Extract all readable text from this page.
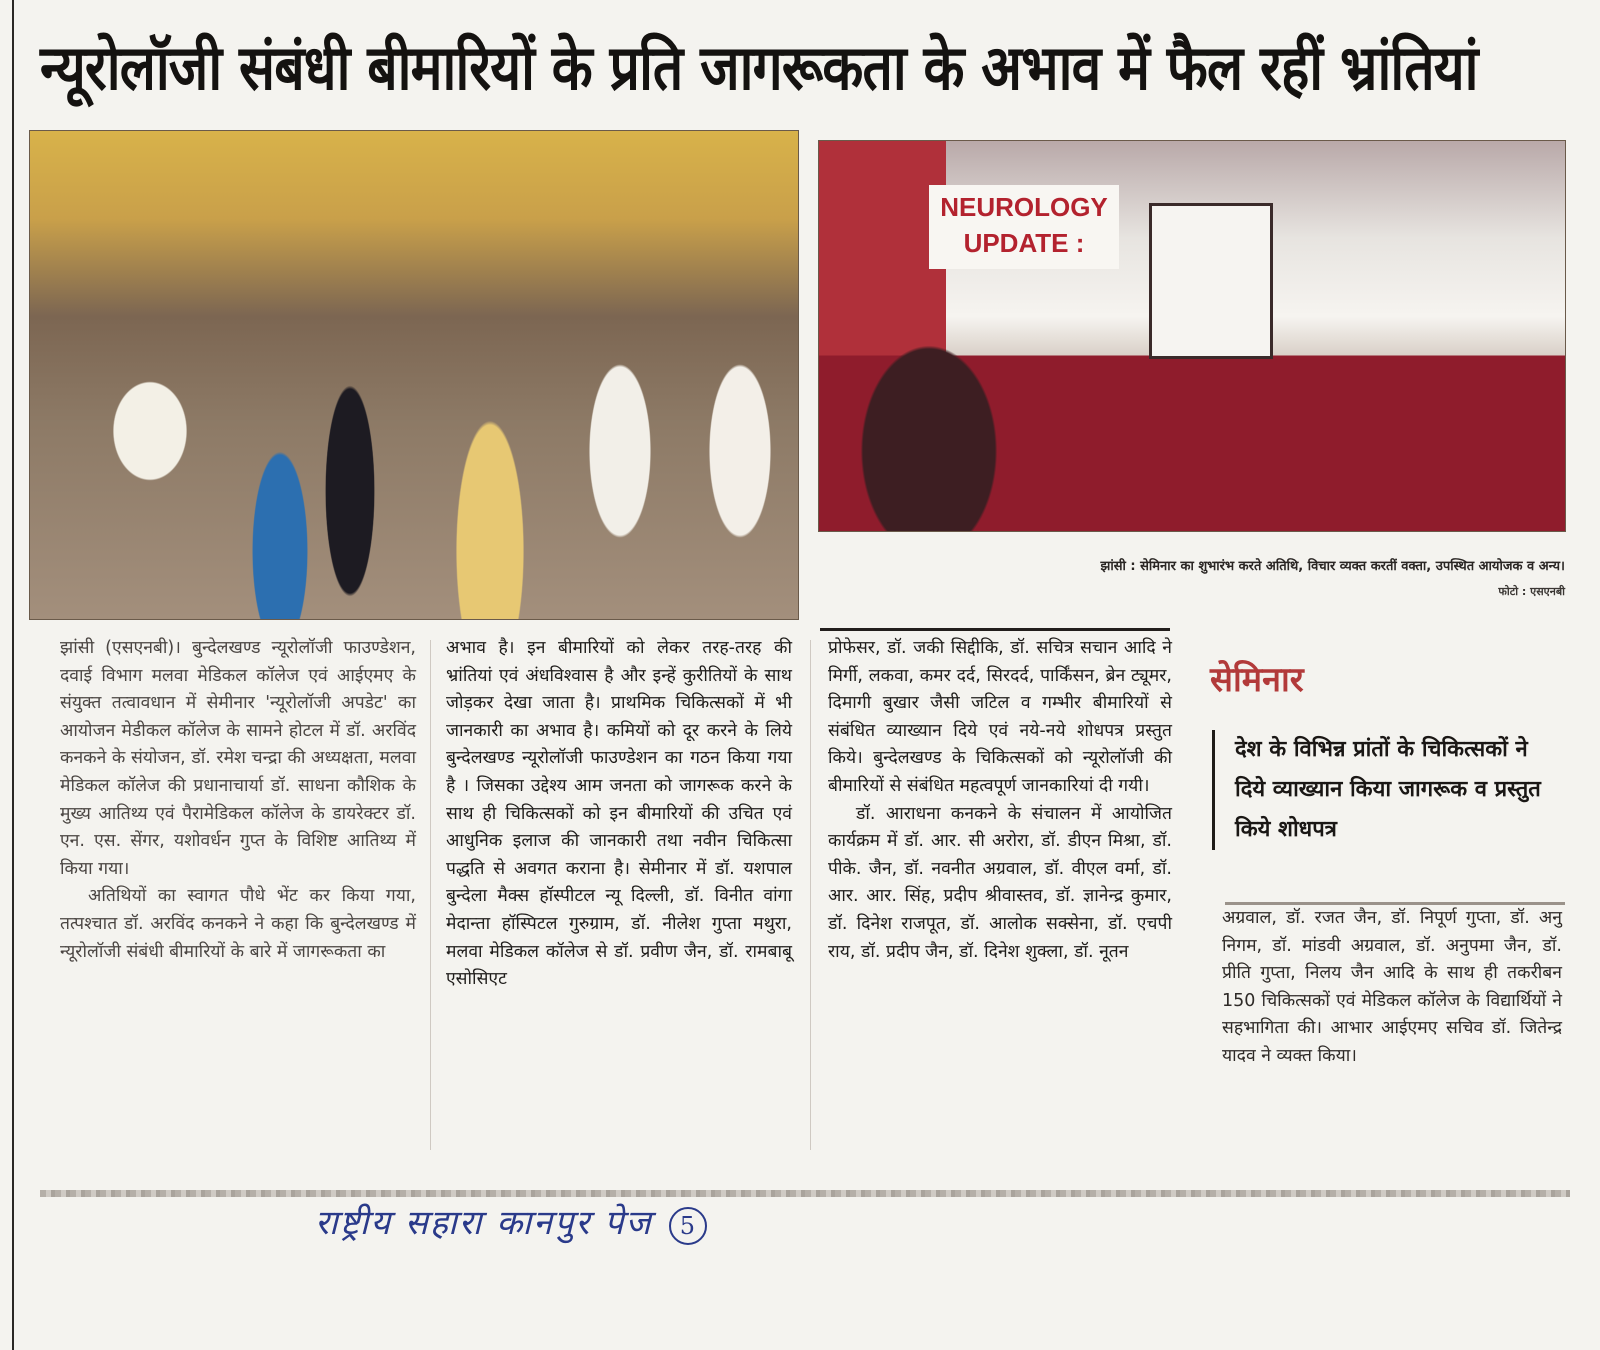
न्यूरोलॉजी संबंधी बीमारियों के प्रति जागरूकता के अभाव में फैल रहीं भ्रांतियां
NEUROLOGY
UPDATE :
झांसी : सेमिनार का शुभारंभ करते अतिथि, विचार व्यक्त करतीं वक्ता, उपस्थित आयोजक व अन्य।
फोटो : एसएनबी

झांसी (एसएनबी)। बुन्देलखण्ड न्यूरोलॉजी फाउण्डेशन, दवाई विभाग मलवा मेडिकल कॉलेज एवं आईएमए के संयुक्त तत्वावधान में सेमीनार 'न्यूरोलॉजी अपडेट' का आयोजन मेडीकल कॉलेज के सामने होटल में डॉ. अरविंद कनकने के संयोजन, डॉ. रमेश चन्द्रा की अध्यक्षता, मलवा मेडिकल कॉलेज की प्रधानाचार्या डॉ. साधना कौशिक के मुख्य आतिथ्य एवं पैरामेडिकल कॉलेज के डायरेक्टर डॉ. एन. एस. सेंगर, यशोवर्धन गुप्त के विशिष्ट आतिथ्य में किया गया।

अतिथियों का स्वागत पौधे भेंट कर किया गया, तत्पश्चात डॉ. अरविंद कनकने ने कहा कि बुन्देलखण्ड में न्यूरोलॉजी संबंधी बीमारियों के बारे में जागरूकता का

अभाव है। इन बीमारियों को लेकर तरह-तरह की भ्रांतियां एवं अंधविश्वास है और इन्हें कुरीतियों के साथ जोड़कर देखा जाता है। प्राथमिक चिकित्सकों में भी जानकारी का अभाव है। कमियों को दूर करने के लिये बुन्देलखण्ड न्यूरोलॉजी फाउण्डेशन का गठन किया गया है । जिसका उद्देश्य आम जनता को जागरूक करने के साथ ही चिकित्सकों को इन बीमारियों की उचित एवं आधुनिक इलाज की जानकारी तथा नवीन चिकित्सा पद्धति से अवगत कराना है। सेमीनार में डॉ. यशपाल बुन्देला मैक्स हॉस्पीटल न्यू दिल्ली, डॉ. विनीत वांगा मेदान्ता हॉस्पिटल गुरुग्राम, डॉ. नीलेश गुप्ता मथुरा, मलवा मेडिकल कॉलेज से डॉ. प्रवीण जैन, डॉ. रामबाबू एसोसिएट

प्रोफेसर, डॉ. जकी सिद्दीकि, डॉ. सचित्र सचान आदि ने मिर्गी, लकवा, कमर दर्द, सिरदर्द, पार्किंसन, ब्रेन ट्यूमर, दिमागी बुखार जैसी जटिल व गम्भीर बीमारियों से संबंधित व्याख्यान दिये एवं नये-नये शोधपत्र प्रस्तुत किये। बुन्देलखण्ड के चिकित्सकों को न्यूरोलॉजी की बीमारियों से संबंधित महत्वपूर्ण जानकारियां दी गयी।

डॉ. आराधना कनकने के संचालन में आयोजित कार्यक्रम में डॉ. आर. सी अरोरा, डॉ. डीएन मिश्रा, डॉ. पीके. जैन, डॉ. नवनीत अग्रवाल, डॉ. वीएल वर्मा, डॉ. आर. आर. सिंह, प्रदीप श्रीवास्तव, डॉ. ज्ञानेन्द्र कुमार, डॉ. दिनेश राजपूत, डॉ. आलोक सक्सेना, डॉ. एचपी राय, डॉ. प्रदीप जैन, डॉ. दिनेश शुक्ला, डॉ. नूतन

सेमिनार
देश के विभिन्न प्रांतों के चिकित्सकों ने दिये व्याख्यान किया जागरूक व प्रस्तुत किये शोधपत्र

अग्रवाल, डॉ. रजत जैन, डॉ. निपूर्ण गुप्ता, डॉ. अनु निगम, डॉ. मांडवी अग्रवाल, डॉ. अनुपमा जैन, डॉ. प्रीति गुप्ता, निलय जैन आदि के साथ ही तकरीबन 150 चिकित्सकों एवं मेडिकल कॉलेज के विद्यार्थियों ने सहभागिता की। आभार आईएमए सचिव डॉ. जितेन्द्र यादव ने व्यक्त किया।

राष्ट्रीय सहारा कानपुर पेज 5
